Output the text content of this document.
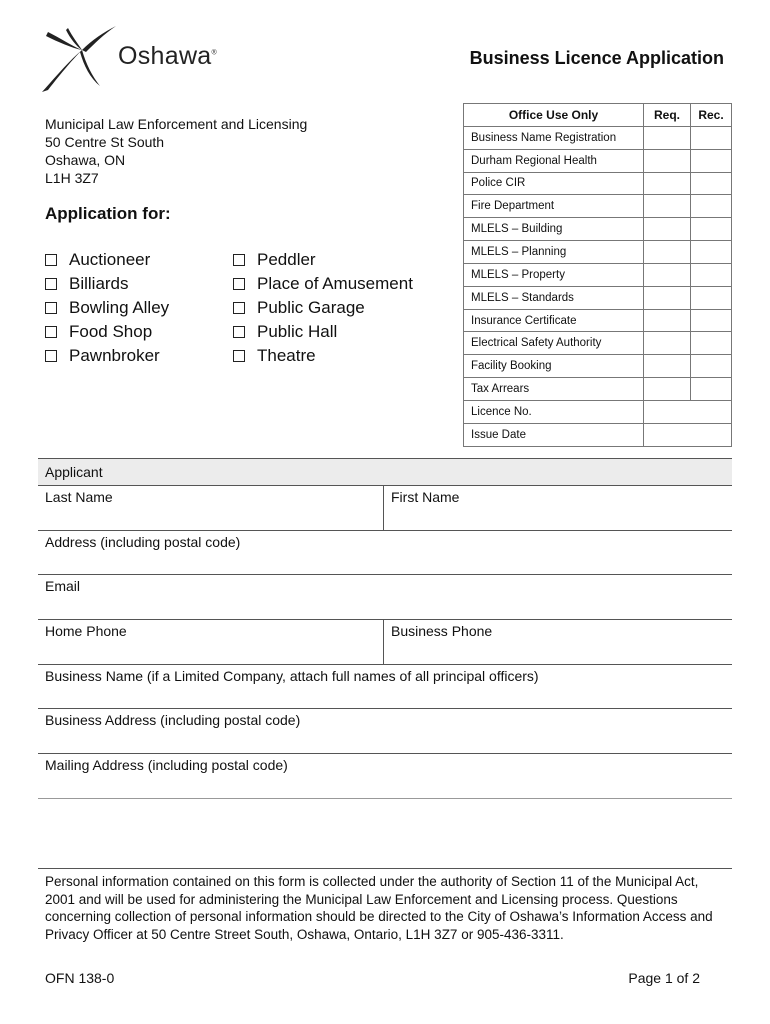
Oshawa®	Business Licence Application
Municipal Law Enforcement and Licensing
50 Centre St South
Oshawa, ON
L1H 3Z7
Application for:
Auctioneer
Billiards
Bowling Alley
Food Shop
Pawnbroker
Peddler
Place of Amusement
Public Garage
Public Hall
Theatre
Office Use Only	Req.	Rec.
Business Name Registration		
Durham Regional Health		
Police CIR		
Fire Department		
MLELS – Building		
MLELS – Planning		
MLELS – Property		
MLELS – Standards		
Insurance Certificate		
Electrical Safety Authority		
Facility Booking		
Tax Arrears		
Licence No.		
Issue Date		
Applicant
Last Name	First Name
Address (including postal code)
Email
Home Phone	Business Phone
Business Name (if a Limited Company, attach full names of all principal officers)
Business Address (including postal code)
Mailing Address (including postal code)
Personal information contained on this form is collected under the authority of Section 11 of the Municipal Act, 2001 and will be used for administering the Municipal Law Enforcement and Licensing process. Questions concerning collection of personal information should be directed to the City of Oshawa’s Information Access and Privacy Officer at 50 Centre Street South, Oshawa, Ontario, L1H 3Z7 or 905-436-3311.
OFN 138-0	Page 1 of 2
